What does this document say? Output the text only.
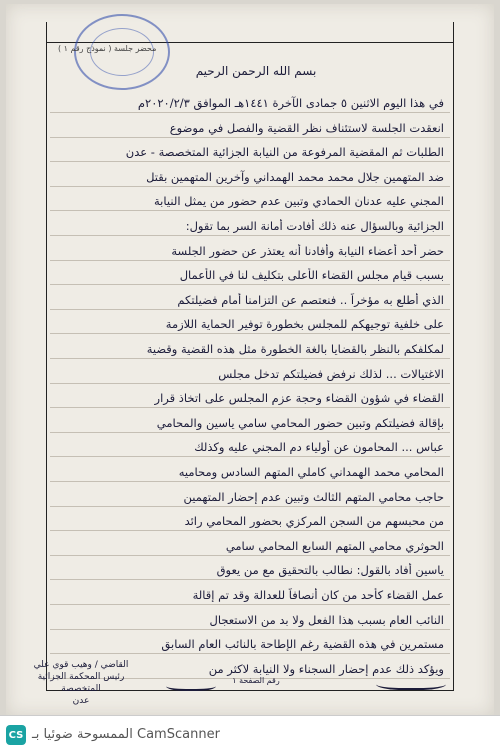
( نموذج رقم ١ ) محضر جلسة
بسم الله الرحمن الرحيم
في هذا اليوم الاثنين ٥ جمادى الآخرة ١٤٤١هـ الموافق ٢٠٢٠/٢/٣م
انعقدت الجلسة لاستئناف نظر القضية والفصل في موضوع
الطلبات ثم المقضية المرفوعة من النيابة الجزائية المتخصصة - عدن
ضد المتهمين جلال محمد محمد الهمداني وآخرين المتهمين بقتل
المجني عليه عدنان الحمادي وتبين عدم حضور من يمثل النيابة
الجزائية وبالسؤال عنه ذلك أفادت أمانة السر بما تقول:
حضر أحد أعضاء النيابة وأفادنا أنه يعتذر عن حضور الجلسة
بسبب قيام مجلس القضاء الأعلى بتكليف لنا في الأعمال
الذي أطلع به مؤخراً .. فنعتصم عن التزامنا أمام فضيلتكم
على خلفية توجيهكم للمجلس بخطورة توفير الحماية اللازمة
لمكلفكم بالنظر بالقضايا بالغة الخطورة مثل هذه القضية وقضية
الاغتيالات ... لذلك نرفض فضيلتكم تدخل مجلس
القضاء في شؤون القضاء وحجة عزم المجلس على اتخاذ قرار
بإقالة فضيلتكم وتبين حضور المحامي سامي ياسين والمحامي
عباس ... المحامون عن أولياء دم المجني عليه وكذلك
المحامي محمد الهمداني كاملي المتهم السادس ومحاميه
حاجب محامي المتهم الثالث وتبين عدم إحضار المتهمين
من محبسهم من السجن المركزي بحضور المحامي رائد
الحوثري محامي المتهم السابع المحامي سامي
ياسين أفاد بالقول: نطالب بالتحقيق مع من يعوق
عمل القضاء كأحد من كان أنصافاً للعدالة وقد تم إقالة
النائب العام بسبب هذا الفعل ولا بد من الاستعجال
مستمرين في هذه القضية رغم الإطاحة بالنائب العام السابق
ويؤكد ذلك عدم إحضار السجناء ولا النيابة لاكثر من
القاضي / وهيب قوي علي
رئيس المحكمة الجزائية المتخصصة
عدن
رقم الصفحة ١
CS الممسوحة ضوئيا بـ CamScanner
